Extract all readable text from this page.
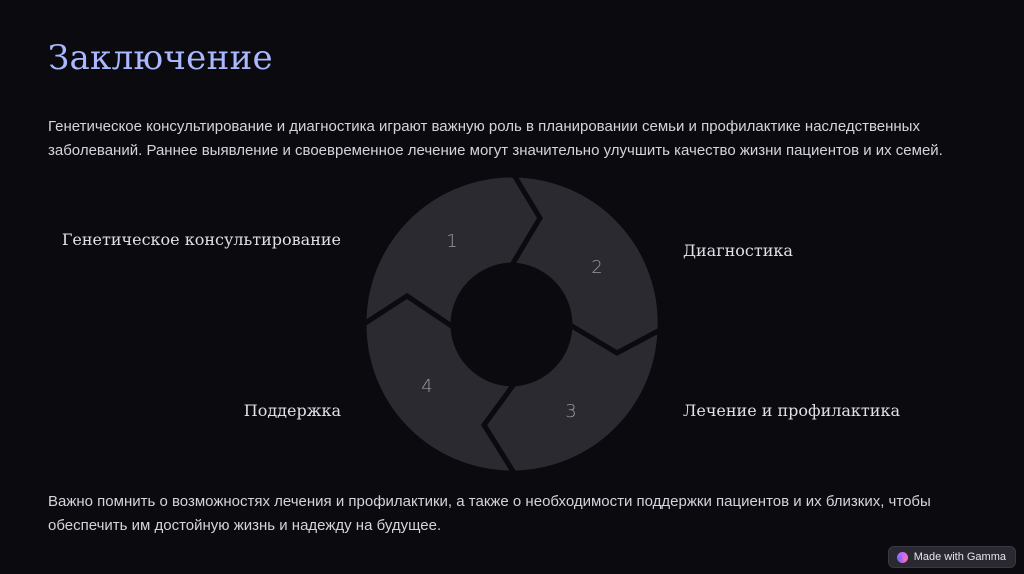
Заключение

Генетическое консультирование и диагностика играют важную роль в планировании семьи и профилактике наследственных заболеваний. Раннее выявление и своевременное лечение могут значительно улучшить качество жизни пациентов и их семей.

1
2
3
4
Генетическое консультирование
Диагностика
Лечение и профилактика
Поддержка

Важно помнить о возможностях лечения и профилактики, а также о необходимости поддержки пациентов и их близких, чтобы обеспечить им достойную жизнь и надежду на будущее.

Made with Gamma
